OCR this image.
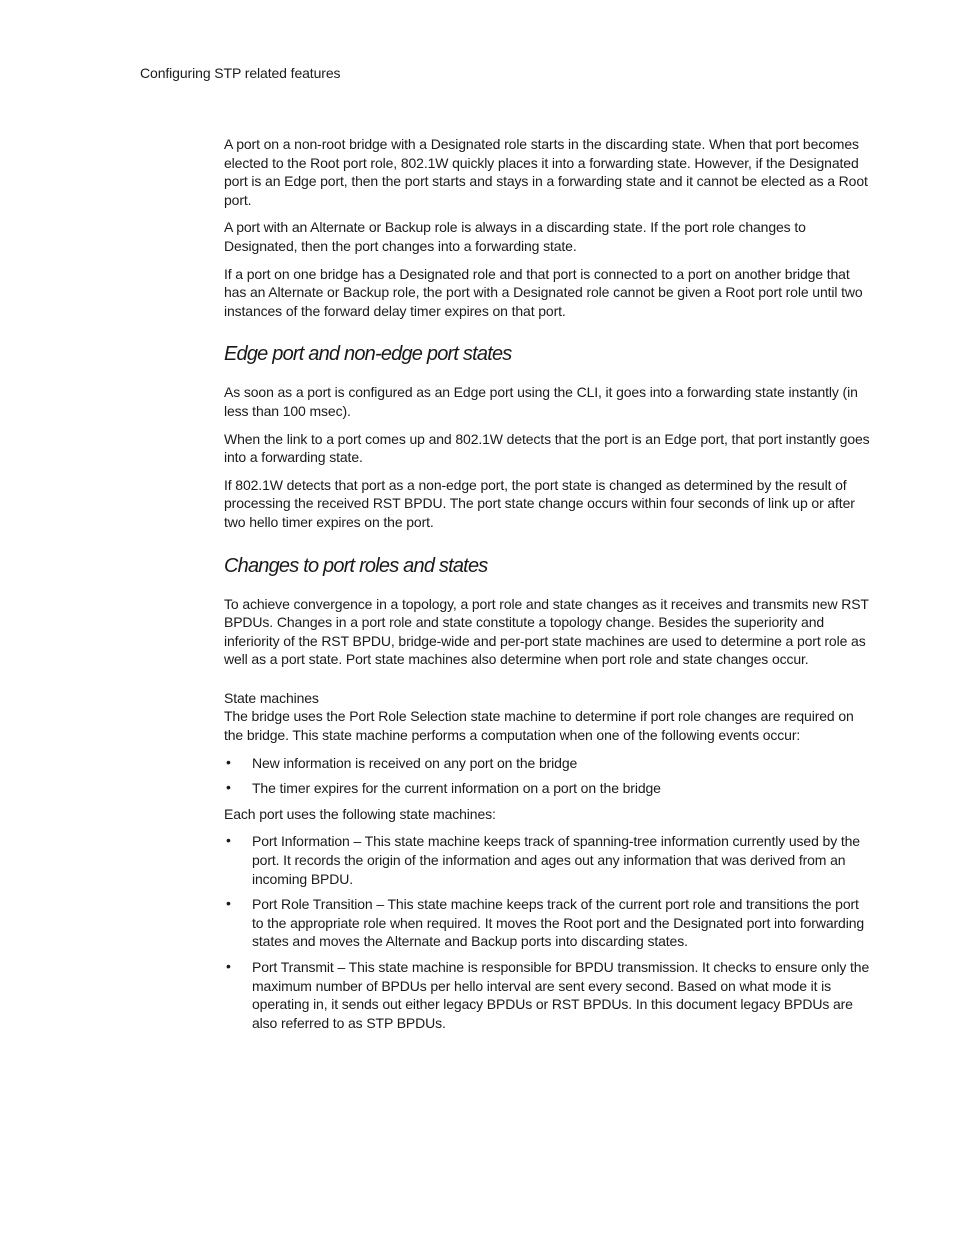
Configuring STP related features

A port on a non-root bridge with a Designated role starts in the discarding state. When that port becomes elected to the Root port role, 802.1W quickly places it into a forwarding state. However, if the Designated port is an Edge port, then the port starts and stays in a forwarding state and it cannot be elected as a Root port.

A port with an Alternate or Backup role is always in a discarding state. If the port role changes to Designated, then the port changes into a forwarding state.

If a port on one bridge has a Designated role and that port is connected to a port on another bridge that has an Alternate or Backup role, the port with a Designated role cannot be given a Root port role until two instances of the forward delay timer expires on that port.

Edge port and non-edge port states

As soon as a port is configured as an Edge port using the CLI, it goes into a forwarding state instantly (in less than 100 msec).

When the link to a port comes up and 802.1W detects that the port is an Edge port, that port instantly goes into a forwarding state.

If 802.1W detects that port as a non-edge port, the port state is changed as determined by the result of processing the received RST BPDU. The port state change occurs within four seconds of link up or after two hello timer expires on the port.

Changes to port roles and states

To achieve convergence in a topology, a port role and state changes as it receives and transmits new RST BPDUs. Changes in a port role and state constitute a topology change. Besides the superiority and inferiority of the RST BPDU, bridge-wide and per-port state machines are used to determine a port role as well as a port state. Port state machines also determine when port role and state changes occur.

State machines

The bridge uses the Port Role Selection state machine to determine if port role changes are required on the bridge. This state machine performs a computation when one of the following events occur:

• New information is received on any port on the bridge
• The timer expires for the current information on a port on the bridge

Each port uses the following state machines:

• Port Information – This state machine keeps track of spanning-tree information currently used by the port. It records the origin of the information and ages out any information that was derived from an incoming BPDU.
• Port Role Transition – This state machine keeps track of the current port role and transitions the port to the appropriate role when required. It moves the Root port and the Designated port into forwarding states and moves the Alternate and Backup ports into discarding states.
• Port Transmit – This state machine is responsible for BPDU transmission. It checks to ensure only the maximum number of BPDUs per hello interval are sent every second. Based on what mode it is operating in, it sends out either legacy BPDUs or RST BPDUs. In this document legacy BPDUs are also referred to as STP BPDUs.
